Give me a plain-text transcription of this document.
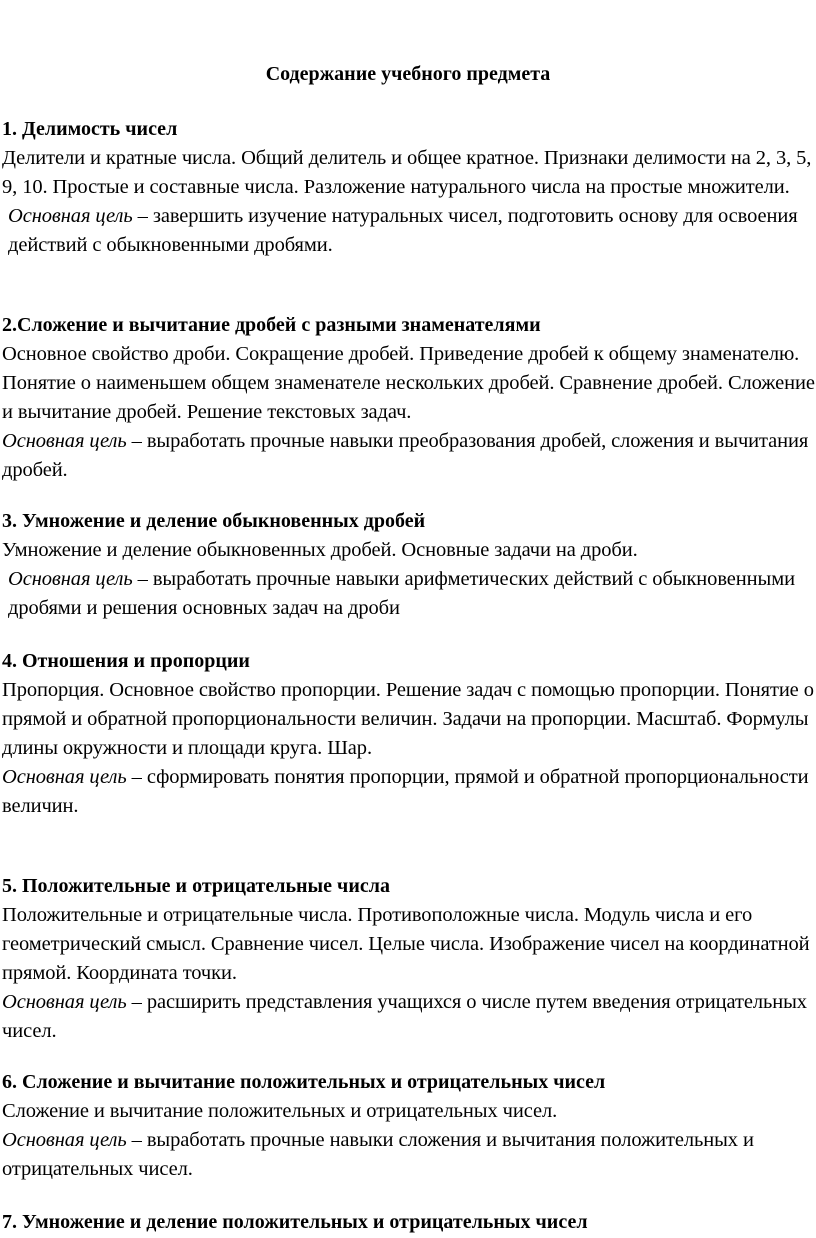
Содержание учебного предмета

1. Делимость чисел

Делители и кратные числа. Общий делитель и общее кратное. Признаки делимости на 2, 3, 5, 9, 10. Простые и составные числа. Разложение натурального числа на простые множители.

Основная цель – завершить изучение натуральных чисел, подготовить основу для освоения действий с обыкновенными дробями.

2.Сложение и вычитание дробей с разными знаменателями

Основное свойство дроби. Сокращение дробей. Приведение дробей к общему знаменателю. Понятие о наименьшем общем знаменателе нескольких дробей. Сравнение дробей. Сложение и вычитание дробей. Решение текстовых задач.

Основная цель – выработать прочные навыки преобразования дробей, сложения и вычитания дробей.

3. Умножение и деление обыкновенных дробей

Умножение и деление обыкновенных дробей. Основные задачи на дроби.

Основная цель – выработать прочные навыки арифметических действий с обыкновенными дробями и решения основных задач на дроби

4. Отношения и пропорции

Пропорция. Основное свойство пропорции. Решение задач с помощью пропорции. Понятие о прямой и обратной пропорциональности величин. Задачи на пропорции. Масштаб. Формулы длины окружности и площади круга. Шар.

Основная цель – сформировать понятия пропорции, прямой и обратной пропорциональности величин.

5. Положительные и отрицательные числа

Положительные и отрицательные числа. Противоположные числа. Модуль числа и его геометрический смысл. Сравнение чисел. Целые числа. Изображение чисел на координатной прямой. Координата точки.

Основная цель – расширить представления учащихся о числе путем введения отрицательных чисел.

6. Сложение и вычитание положительных и отрицательных чисел

Сложение и вычитание положительных и отрицательных чисел.

Основная цель – выработать прочные навыки сложения и вычитания положительных и отрицательных чисел.

7. Умножение и деление положительных и отрицательных чисел
